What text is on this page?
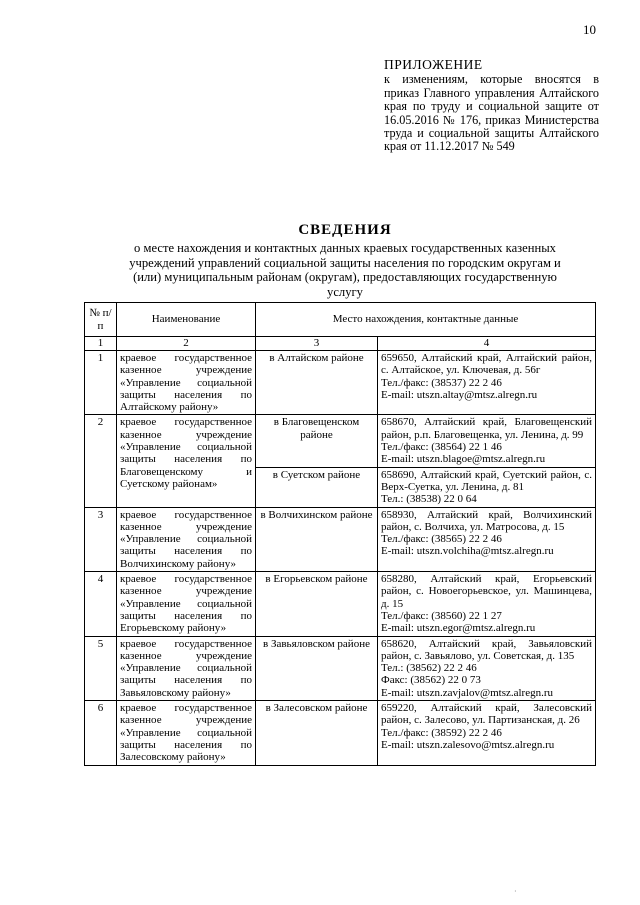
10
ПРИЛОЖЕНИЕ
к изменениям, которые вносятся в приказ Главного управления Алтайского края по труду и социальной защите от 16.05.2016 № 176, приказ Министерства труда и социальной защиты Алтайского края от 11.12.2017 № 549
СВЕДЕНИЯ
о месте нахождения и контактных данных краевых государственных казенных учреждений управлений социальной защиты населения по городским округам и (или) муниципальным районам (округам), предоставляющих государственную услугу
№ п/п	Наименование	Место нахождения, контактные данные	
1	2	3	4
1	краевое государственное казенное учреждение «Управление социальной защиты населения по Алтайскому району»	в Алтайском районе	659650, Алтайский край, Алтайский район, с. Алтайское, ул. Ключевая, д. 56г
Тел./факс: (38537) 22 2 46
E-mail: utszn.altay@mtsz.alregn.ru

2	краевое государственное казенное учреждение «Управление социальной защиты населения по Благовещенскому и Суетскому районам»	в Благовещенском районе	658670, Алтайский край, Благовещенский район, р.п. Благовещенка, ул. Ленина, д. 99
Тел./факс: (38564) 22 1 46
E-mail: utszn.blagoe@mtsz.alregn.ru

		в Суетском районе	658690, Алтайский край, Суетский район, с. Верх-Суетка, ул. Ленина, д. 81
Тел.: (38538) 22 0 64

3	краевое государственное казенное учреждение «Управление социальной защиты населения по Волчихинскому району»	в Волчихинском районе	658930, Алтайский край, Волчихинский район, с. Волчиха, ул. Матросова, д. 15
Тел./факс: (38565) 22 2 46
E-mail: utszn.volchiha@mtsz.alregn.ru

4	краевое государственное казенное учреждение «Управление социальной защиты населения по Егорьевскому району»	в Егорьевском районе	658280, Алтайский край, Егорьевский район, с. Новоегорьевское, ул. Машинцева, д. 15
Тел./факс: (38560) 22 1 27
E-mail: utszn.egor@mtsz.alregn.ru

5	краевое государственное казенное учреждение «Управление социальной защиты населения по Завьяловскому району»	в Завьяловском районе	658620, Алтайский край, Завьяловский район, с. Завьялово, ул. Советская, д. 135
Тел.: (38562) 22 2 46
Факс: (38562) 22 0 73
E-mail: utszn.zavjalov@mtsz.alregn.ru

6	краевое государственное казенное учреждение «Управление социальной защиты населения по Залесовскому району»	в Залесовском районе	659220, Алтайский край, Залесовский район, с. Залесово, ул. Партизанская, д. 26
Тел./факс: (38592) 22 2 46
E-mail: utszn.zalesovo@mtsz.alregn.ru
·
